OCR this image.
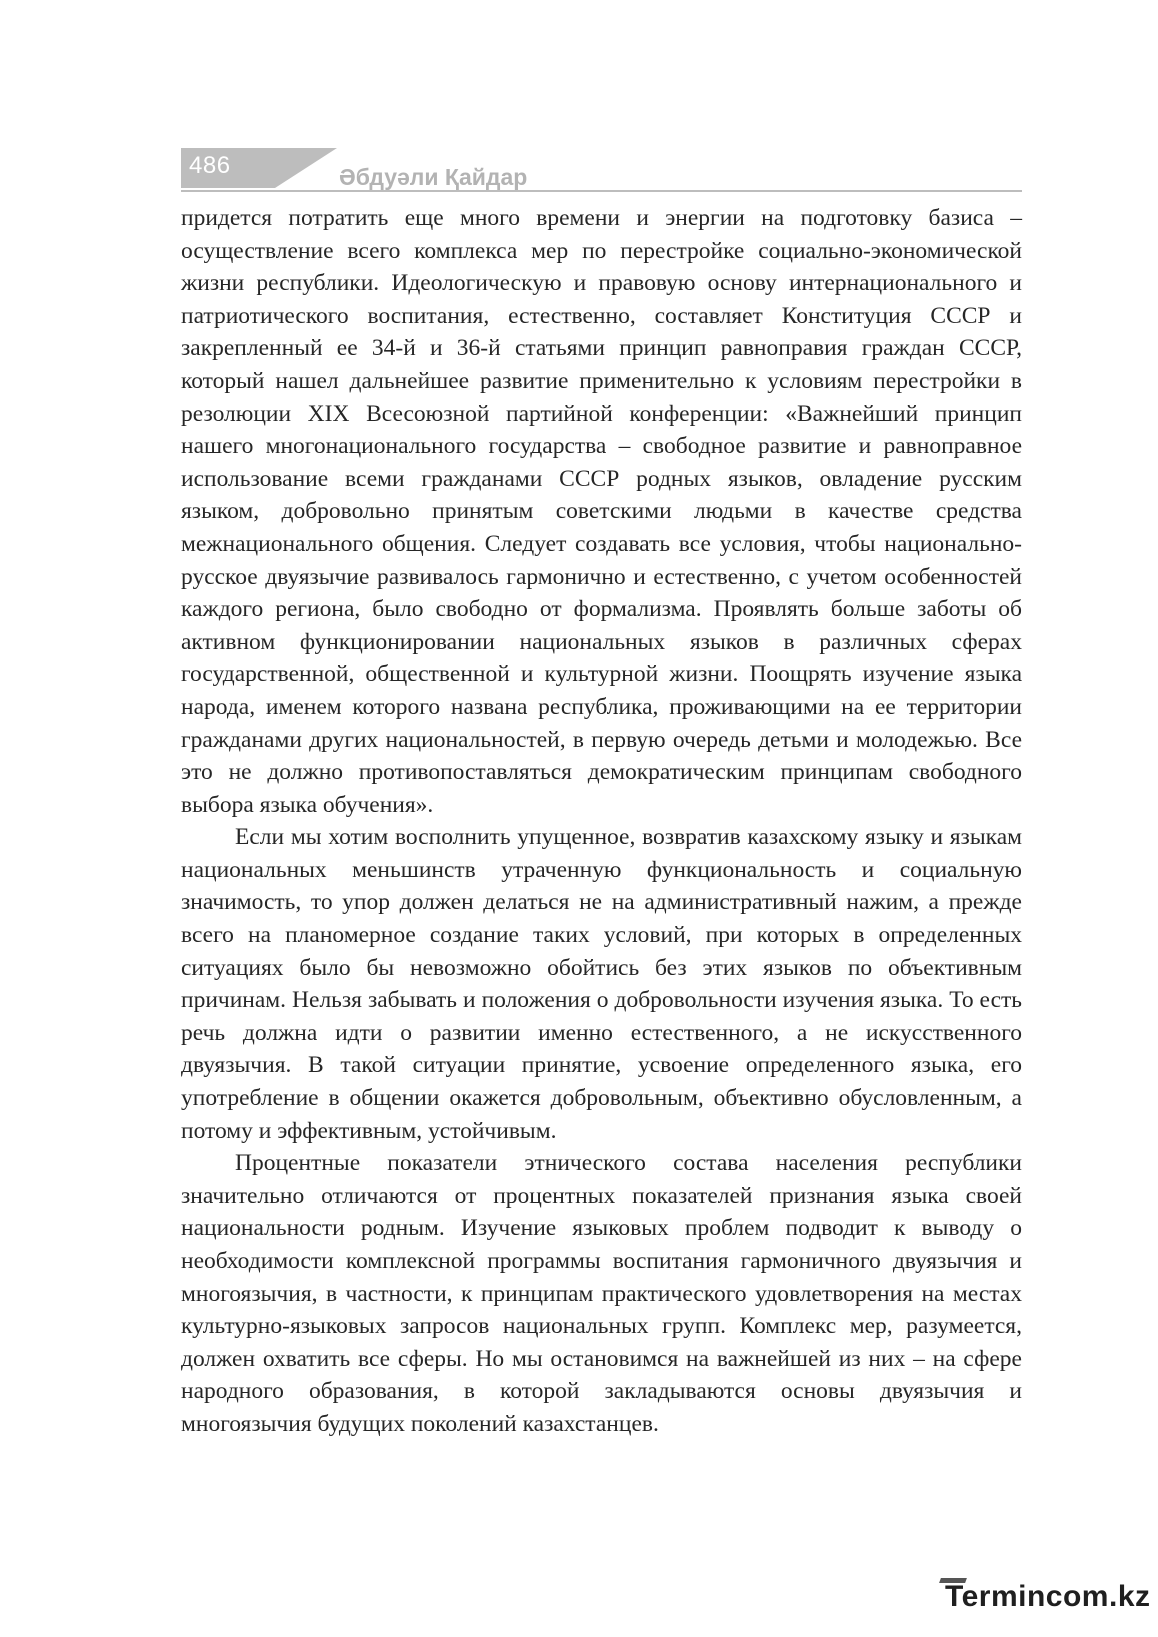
486	Әбдуәли Қайдар

придется потратить еще много времени и энергии на подготовку базиса – осуществление всего комплекса мер по перестройке социально-экономической жизни республики. Идеологическую и правовую основу интернационального и патриотического воспитания, естественно, составляет Конституция СССР и закрепленный ее 34-й и 36-й статьями принцип равноправия граждан СССР, который нашел дальнейшее развитие применительно к условиям перестройки в резолюции XIX Всесоюзной партийной конференции: «Важнейший принцип нашего многонационального государства – свободное развитие и равноправное использование всеми гражданами СССР родных языков, овладение русским языком, добровольно принятым советскими людьми в качестве средства межнационального общения. Следует создавать все условия, чтобы национально-русское двуязычие развивалось гармонично и естественно, с учетом особенностей каждого региона, было свободно от формализма. Проявлять больше заботы об активном функционировании национальных языков в различных сферах государственной, общественной и культурной жизни. Поощрять изучение языка народа, именем которого названа республика, проживающими на ее территории гражданами других национальностей, в первую очередь детьми и молодежью. Все это не должно противопоставляться демократическим принципам свободного выбора языка обучения».

Если мы хотим восполнить упущенное, возвратив казахскому языку и языкам национальных меньшинств утраченную функциональность и социальную значимость, то упор должен делаться не на административный нажим, а прежде всего на планомерное создание таких условий, при которых в определенных ситуациях было бы невозможно обойтись без этих языков по объективным причинам. Нельзя забывать и положения о добровольности изучения языка. То есть речь должна идти о развитии именно естественного, а не искусственного двуязычия. В такой ситуации принятие, усвоение определенного языка, его употребление в общении окажется добровольным, объективно обусловленным, а потому и эффективным, устойчивым.

Процентные показатели этнического состава населения республики значительно отличаются от процентных показателей признания языка своей национальности родным. Изучение языковых проблем подводит к выводу о необходимости комплексной программы воспитания гармоничного двуязычия и многоязычия, в частности, к принципам практического удовлетворения на местах культурно-языковых запросов национальных групп. Комплекс мер, разумеется, должен охватить все сферы. Но мы остановимся на важнейшей из них – на сфере народного образования, в которой закладываются основы двуязычия и многоязычия будущих поколений казахстанцев.

Termincom.kz
